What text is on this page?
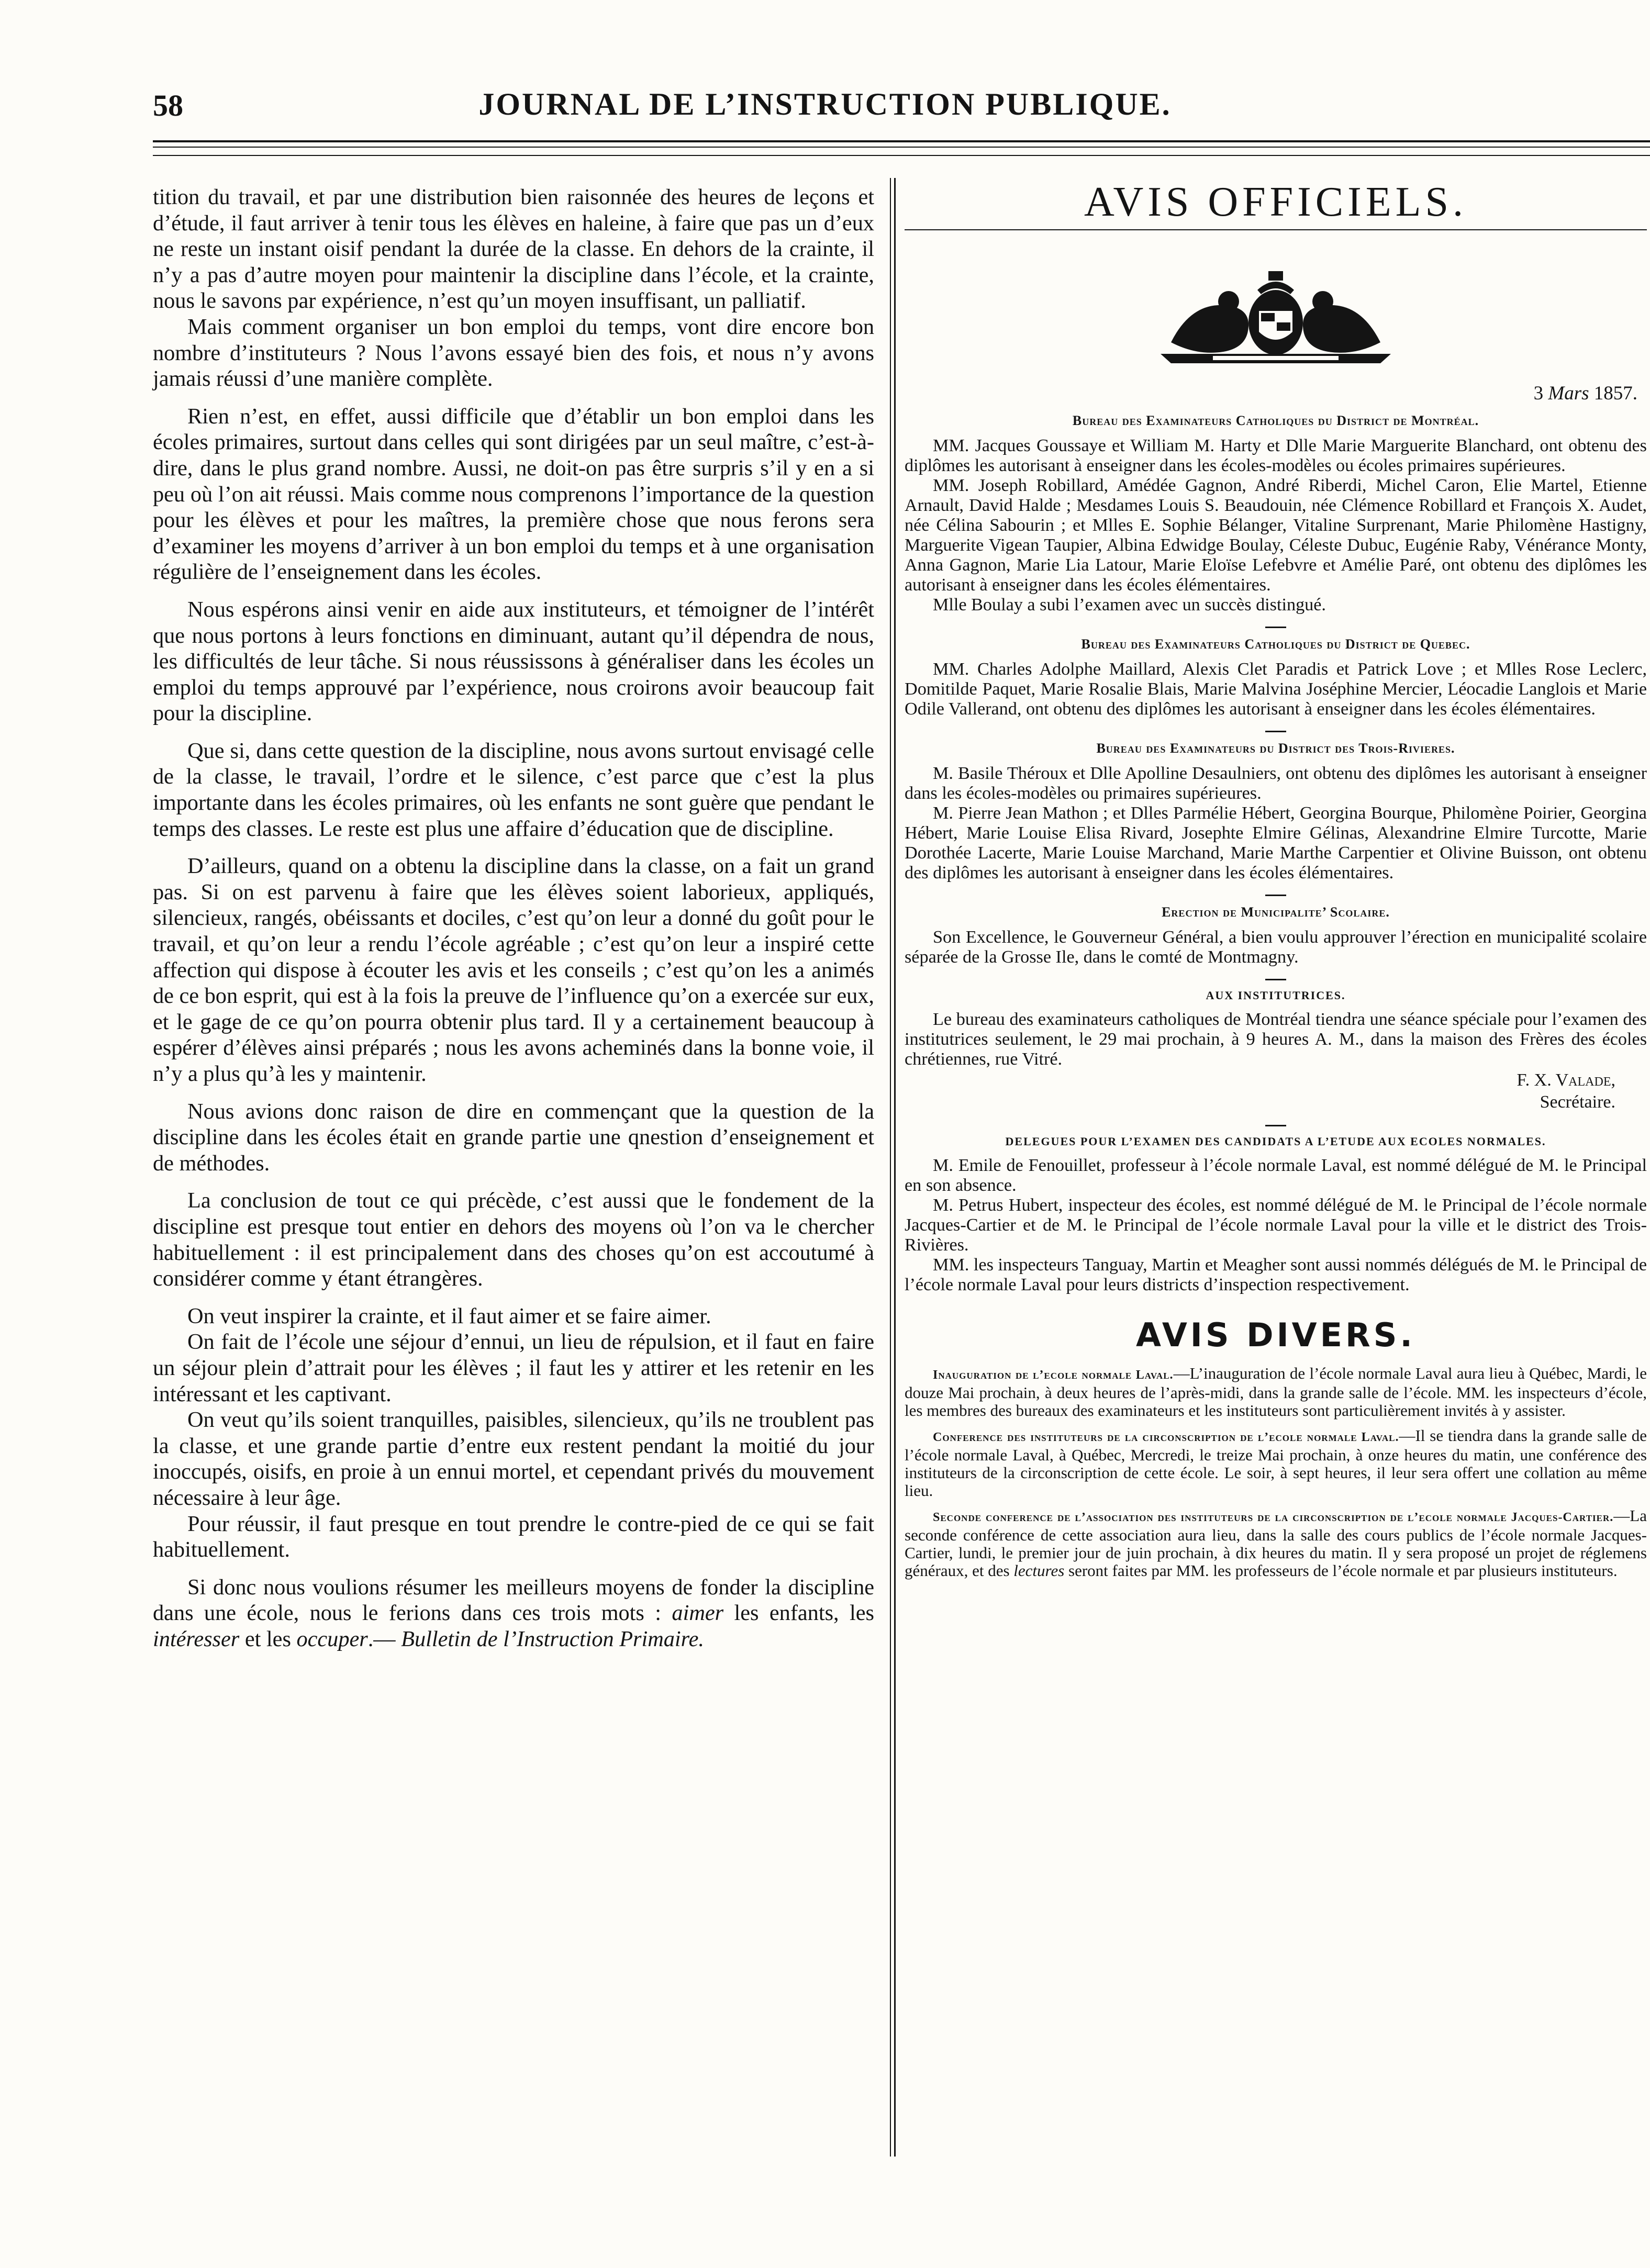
58	JOURNAL DE L’INSTRUCTION PUBLIQUE.

tition du travail, et par une distribution bien raisonnée des heures de leçons et d’étude, il faut arriver à tenir tous les élèves en haleine, à faire que pas un d’eux ne reste un instant oisif pendant la durée de la classe. En dehors de la crainte, il n’y a pas d’autre moyen pour maintenir la discipline dans l’école, et la crainte, nous le savons par expérience, n’est qu’un moyen insuffisant, un palliatif.

Mais comment organiser un bon emploi du temps, vont dire encore bon nombre d’instituteurs ? Nous l’avons essayé bien des fois, et nous n’y avons jamais réussi d’une manière complète.

Rien n’est, en effet, aussi difficile que d’établir un bon emploi dans les écoles primaires, surtout dans celles qui sont dirigées par un seul maître, c’est-à-dire, dans le plus grand nombre. Aussi, ne doit-on pas être surpris s’il y en a si peu où l’on ait réussi. Mais comme nous comprenons l’importance de la question pour les élèves et pour les maîtres, la première chose que nous ferons sera d’examiner les moyens d’arriver à un bon emploi du temps et à une organisation régulière de l’enseignement dans les écoles.

Nous espérons ainsi venir en aide aux instituteurs, et témoigner de l’intérêt que nous portons à leurs fonctions en diminuant, autant qu’il dépendra de nous, les difficultés de leur tâche. Si nous réussissons à généraliser dans les écoles un emploi du temps approuvé par l’expérience, nous croirons avoir beaucoup fait pour la discipline.

Que si, dans cette question de la discipline, nous avons surtout envisagé celle de la classe, le travail, l’ordre et le silence, c’est parce que c’est la plus importante dans les écoles primaires, où les enfants ne sont guère que pendant le temps des classes. Le reste est plus une affaire d’éducation que de discipline.

D’ailleurs, quand on a obtenu la discipline dans la classe, on a fait un grand pas. Si on est parvenu à faire que les élèves soient laborieux, appliqués, silencieux, rangés, obéissants et dociles, c’est qu’on leur a donné du goût pour le travail, et qu’on leur a rendu l’école agréable ; c’est qu’on leur a inspiré cette affection qui dispose à écouter les avis et les conseils ; c’est qu’on les a animés de ce bon esprit, qui est à la fois la preuve de l’influence qu’on a exercée sur eux, et le gage de ce qu’on pourra obtenir plus tard. Il y a certainement beaucoup à espérer d’élèves ainsi préparés ; nous les avons acheminés dans la bonne voie, il n’y a plus qu’à les y maintenir.

Nous avions donc raison de dire en commençant que la question de la discipline dans les écoles était en grande partie une qnestion d’enseignement et de méthodes.

La conclusion de tout ce qui précède, c’est aussi que le fondement de la discipline est presque tout entier en dehors des moyens où l’on va le chercher habituellement : il est principalement dans des choses qu’on est accoutumé à considérer comme y étant étrangères.

On veut inspirer la crainte, et il faut aimer et se faire aimer.

On fait de l’école une séjour d’ennui, un lieu de répulsion, et il faut en faire un séjour plein d’attrait pour les élèves ; il faut les y attirer et les retenir en les intéressant et les captivant.

On veut qu’ils soient tranquilles, paisibles, silencieux, qu’ils ne troublent pas la classe, et une grande partie d’entre eux restent pendant la moitié du jour inoccupés, oisifs, en proie à un ennui mortel, et cependant privés du mouvement nécessaire à leur âge.

Pour réussir, il faut presque en tout prendre le contre-pied de ce qui se fait habituellement.

Si donc nous voulions résumer les meilleurs moyens de fonder la discipline dans une école, nous le ferions dans ces trois mots : aimer les enfants, les intéresser et les occuper.— Bulletin de l’Instruction Primaire.

AVIS OFFICIELS.
3 Mars 1857.
Bureau des Examinateurs Catholiques du District de Montréal.

MM. Jacques Goussaye et William M. Harty et Dlle Marie Marguerite Blanchard, ont obtenu des diplômes les autorisant à enseigner dans les écoles-modèles ou écoles primaires supérieures.

MM. Joseph Robillard, Amédée Gagnon, André Riberdi, Michel Caron, Elie Martel, Etienne Arnault, David Halde ; Mesdames Louis S. Beaudouin, née Clémence Robillard et François X. Audet, née Célina Sabourin ; et Mlles E. Sophie Bélanger, Vitaline Surprenant, Marie Philomène Hastigny, Marguerite Vigean Taupier, Albina Edwidge Boulay, Céleste Dubuc, Eugénie Raby, Vénérance Monty, Anna Gagnon, Marie Lia Latour, Marie Eloïse Lefebvre et Amélie Paré, ont obtenu des diplômes les autorisant à enseigner dans les écoles élémentaires.

Mlle Boulay a subi l’examen avec un succès distingué.

Bureau des Examinateurs Catholiques du District de Quebec.

MM. Charles Adolphe Maillard, Alexis Clet Paradis et Patrick Love ; et Mlles Rose Leclerc, Domitilde Paquet, Marie Rosalie Blais, Marie Malvina Joséphine Mercier, Léocadie Langlois et Marie Odile Vallerand, ont obtenu des diplômes les autorisant à enseigner dans les écoles élémentaires.

Bureau des Examinateurs du District des Trois-Rivieres.

M. Basile Théroux et Dlle Apolline Desaulniers, ont obtenu des diplômes les autorisant à enseigner dans les écoles-modèles ou primaires supérieures.

M. Pierre Jean Mathon ; et Dlles Parmélie Hébert, Georgina Bourque, Philomène Poirier, Georgina Hébert, Marie Louise Elisa Rivard, Josephte Elmire Gélinas, Alexandrine Elmire Turcotte, Marie Dorothée Lacerte, Marie Louise Marchand, Marie Marthe Carpentier et Olivine Buisson, ont obtenu des diplômes les autorisant à enseigner dans les écoles élémentaires.

Erection de Municipalite’ Scolaire.

Son Excellence, le Gouverneur Général, a bien voulu approuver l’érection en municipalité scolaire séparée de la Grosse Ile, dans le comté de Montmagny.

AUX INSTITUTRICES.

Le bureau des examinateurs catholiques de Montréal tiendra une séance spéciale pour l’examen des institutrices seulement, le 29 mai prochain, à 9 heures A. M., dans la maison des Frères des écoles chrétiennes, rue Vitré.

F. X. Valade,
Secrétaire.
DELEGUES POUR L’EXAMEN DES CANDIDATS A L’ETUDE AUX ECOLES NORMALES.

M. Emile de Fenouillet, professeur à l’école normale Laval, est nommé délégué de M. le Principal en son absence.

M. Petrus Hubert, inspecteur des écoles, est nommé délégué de M. le Principal de l’école normale Jacques-Cartier et de M. le Principal de l’école normale Laval pour la ville et le district des Trois-Rivières.

MM. les inspecteurs Tanguay, Martin et Meagher sont aussi nommés délégués de M. le Principal de l’école normale Laval pour leurs districts d’inspection respectivement.

AVIS DIVERS.

Inauguration de l’ecole normale Laval.—L’inauguration de l’école normale Laval aura lieu à Québec, Mardi, le douze Mai prochain, à deux heures de l’après-midi, dans la grande salle de l’école. MM. les inspecteurs d’école, les membres des bureaux des examinateurs et les instituteurs sont particulièrement invités à y assister.

Conference des instituteurs de la circonscription de l’ecole normale Laval.—Il se tiendra dans la grande salle de l’école normale Laval, à Québec, Mercredi, le treize Mai prochain, à onze heures du matin, une conférence des instituteurs de la circonscription de cette école. Le soir, à sept heures, il leur sera offert une collation au même lieu.

Seconde conference de l’association des instituteurs de la circonscription de l’ecole normale Jacques-Cartier.—La seconde conférence de cette association aura lieu, dans la salle des cours publics de l’école normale Jacques-Cartier, lundi, le premier jour de juin prochain, à dix heures du matin. Il y sera proposé un projet de réglemens généraux, et des lectures seront faites par MM. les professeurs de l’école normale et par plusieurs instituteurs.
